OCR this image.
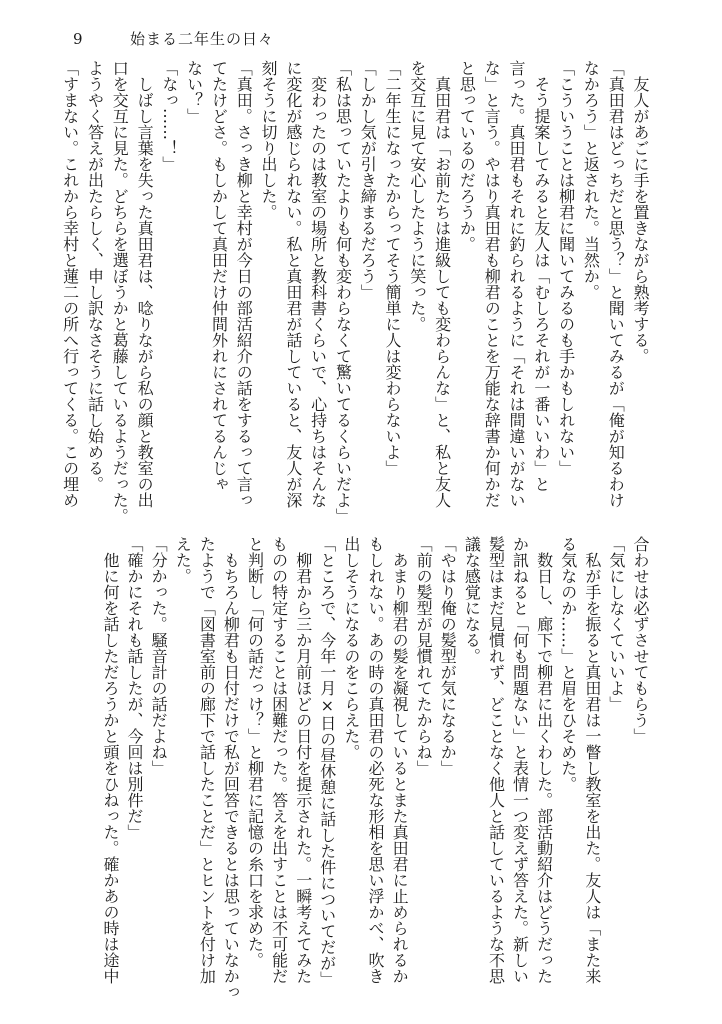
9	始まる二年生の日々
　友人があごに手を置きながら熟考する。
「真田君はどっちだと思う？」と聞いてみるが「俺が知るわけ
なかろう」と返された。当然か。
「こういうことは柳君に聞いてみるのも手かもしれない」
　そう提案してみると友人は「むしろそれが一番いいわ」と
言った。真田君もそれに釣られるように「それは間違いがない
な」と言う。やはり真田君も柳君のことを万能な辞書か何かだ
と思っているのだろうか。
　真田君は「お前たちは進級しても変わらんな」と、私と友人
を交互に見て安心したように笑った。
「二年生になったからってそう簡単に人は変わらないよ」
「しかし気が引き締まるだろう」
「私は思っていたよりも何も変わらなくて驚いてるくらいだよ」
　変わったのは教室の場所と教科書くらいで、心持ちはそんな
に変化が感じられない。私と真田君が話していると、友人が深
刻そうに切り出した。
「真田。さっき柳と幸村が今日の部活紹介の話をするって言っ
てたけどさ。もしかして真田だけ仲間外れにされてるんじゃ
ない？」
「なっ……！」
　しばし言葉を失った真田君は、唸りながら私の顔と教室の出
口を交互に見た。どちらを選ぼうかと葛藤しているようだった。
ようやく答えが出たらしく、申し訳なさそうに話し始める。
「すまない。これから幸村と蓮二の所へ行ってくる。この埋め
合わせは必ずさせてもらう」
「気にしなくていいよ」
　私が手を振ると真田君は一瞥し教室を出た。友人は「また来
る気なのか……」と眉をひそめた。
　数日し、廊下で柳君に出くわした。部活動紹介はどうだった
か訊ねると「何も問題ない」と表情一つ変えず答えた。新しい
髪型はまだ見慣れず、どことなく他人と話しているような不思
議な感覚になる。
「やはり俺の髪型が気になるか」
「前の髪型が見慣れてたからね」
　あまり柳君の髪を凝視しているとまた真田君に止められるか
もしれない。あの時の真田君の必死な形相を思い浮かべ、吹き
出しそうになるのをこらえた。
「ところで、今年一月×日の昼休憩に話した件についてだが」
　柳君から三か月前ほどの日付を提示された。一瞬考えてみた
ものの特定することは困難だった。答えを出すことは不可能だ
と判断し「何の話だっけ？」と柳君に記憶の糸口を求めた。
　もちろん柳君も日付だけで私が回答できるとは思っていなかっ
たようで「図書室前の廊下で話したことだ」とヒントを付け加
えた。
「分かった。騒音計の話だよね」
「確かにそれも話したが、今回は別件だ」
　他に何を話しただろうかと頭をひねった。確かあの時は途中
